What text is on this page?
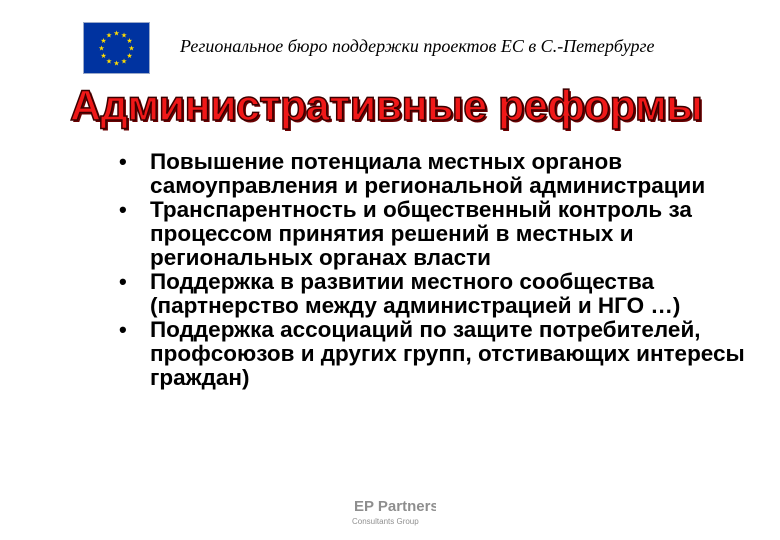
★ ★
★
★
★
★
★
★
★
★
★
★	Региональное бюро поддержки проектов ЕС в С.-Петербурге
Административные реформы
• Повышение потенциала местных органов самоуправления и региональной администрации
• Транспарентность и общественный контроль за процессом принятия решений в местных и региональных органах власти
• Поддержка в развитии местного сообщества (партнерство между администрацией и НГО …)
• Поддержка ассоциаций по защите потребителей, профсоюзов и других групп, отстивающих интересы граждан)
EP Partners
Consultants Group
